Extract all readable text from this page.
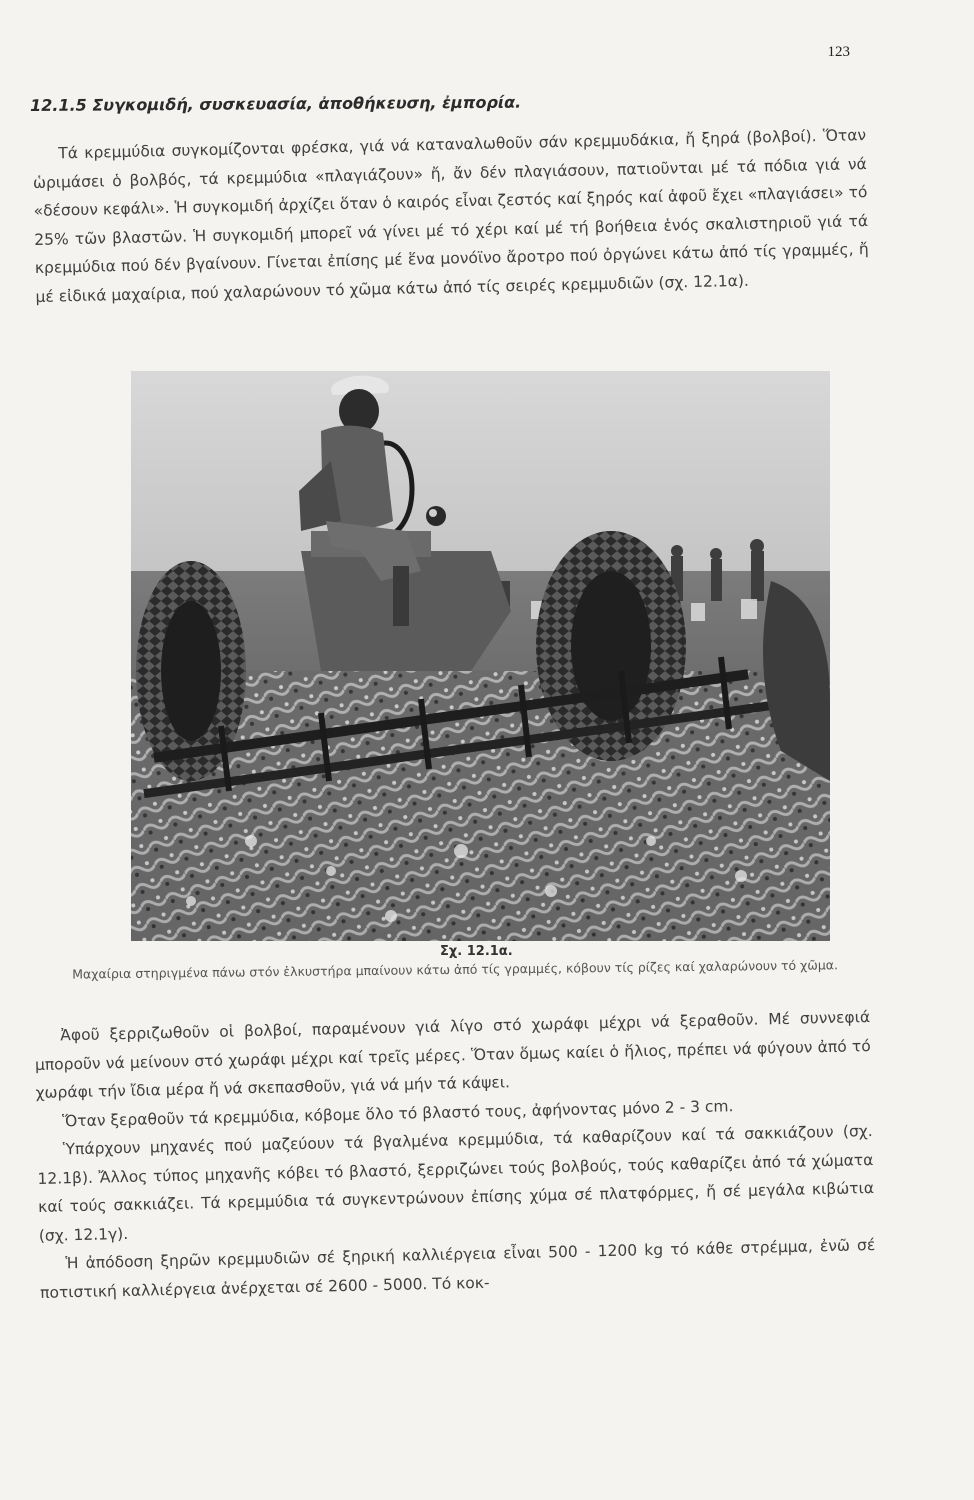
123
12.1.5 Συγκομιδή, συσκευασία, ἀποθήκευση, ἐμπορία.

Τά κρεμμύδια συγκομίζονται φρέσκα, γιά νά καταναλωθοῦν σάν κρεμμυδάκια, ἤ ξηρά (βολβοί). Ὅταν ὡριμάσει ὁ βολβός, τά κρεμμύδια «πλαγιάζουν» ἤ, ἄν δέν πλαγιάσουν, πατιοῦνται μέ τά πόδια γιά νά «δέσουν κεφάλι». Ἡ συγκομιδή ἀρχίζει ὅταν ὁ καιρός εἶναι ζεστός καί ξηρός καί ἀφοῦ ἔχει «πλαγιάσει» τό 25% τῶν βλαστῶν. Ἡ συγκομιδή μπορεῖ νά γίνει μέ τό χέρι καί μέ τή βοήθεια ἑνός σκαλιστηριοῦ γιά τά κρεμμύδια πού δέν βγαίνουν. Γίνεται ἐπίσης μέ ἕνα μονόϊνο ἄροτρο πού ὀργώνει κάτω ἀπό τίς γραμμές, ἤ μέ εἰδικά μαχαίρια, πού χαλαρώνουν τό χῶμα κάτω ἀπό τίς σειρές κρεμμυδιῶν (σχ. 12.1α).

Σχ. 12.1α.
Μαχαίρια στηριγμένα πάνω στόν ἑλκυστήρα μπαίνουν κάτω ἀπό τίς γραμμές, κόβουν τίς ρίζες καί χαλαρώνουν τό χῶμα.

Ἀφοῦ ξερριζωθοῦν οἱ βολβοί, παραμένουν γιά λίγο στό χωράφι μέχρι νά ξεραθοῦν. Μέ συννεφιά μποροῦν νά μείνουν στό χωράφι μέχρι καί τρεῖς μέρες. Ὅταν ὅμως καίει ὁ ἥλιος, πρέπει νά φύγουν ἀπό τό χωράφι τήν ἴδια μέρα ἤ νά σκεπασθοῦν, γιά νά μήν τά κάψει.

Ὅταν ξεραθοῦν τά κρεμμύδια, κόβομε ὅλο τό βλαστό τους, ἀφήνοντας μόνο 2 - 3 cm.

Ὑπάρχουν μηχανές πού μαζεύουν τά βγαλμένα κρεμμύδια, τά καθαρίζουν καί τά σακκιάζουν (σχ. 12.1β). Ἄλλος τύπος μηχανῆς κόβει τό βλαστό, ξερριζώνει τούς βολβούς, τούς καθαρίζει ἀπό τά χώματα καί τούς σακκιάζει. Τά κρεμμύδια τά συγκεντρώνουν ἐπίσης χύμα σέ πλατφόρμες, ἤ σέ μεγάλα κιβώτια (σχ. 12.1γ).

Ἡ ἀπόδοση ξηρῶν κρεμμυδιῶν σέ ξηρική καλλιέργεια εἶναι 500 - 1200 kg τό κάθε στρέμμα, ἐνῶ σέ ποτιστική καλλιέργεια ἀνέρχεται σέ 2600 - 5000. Τό κοκ-
